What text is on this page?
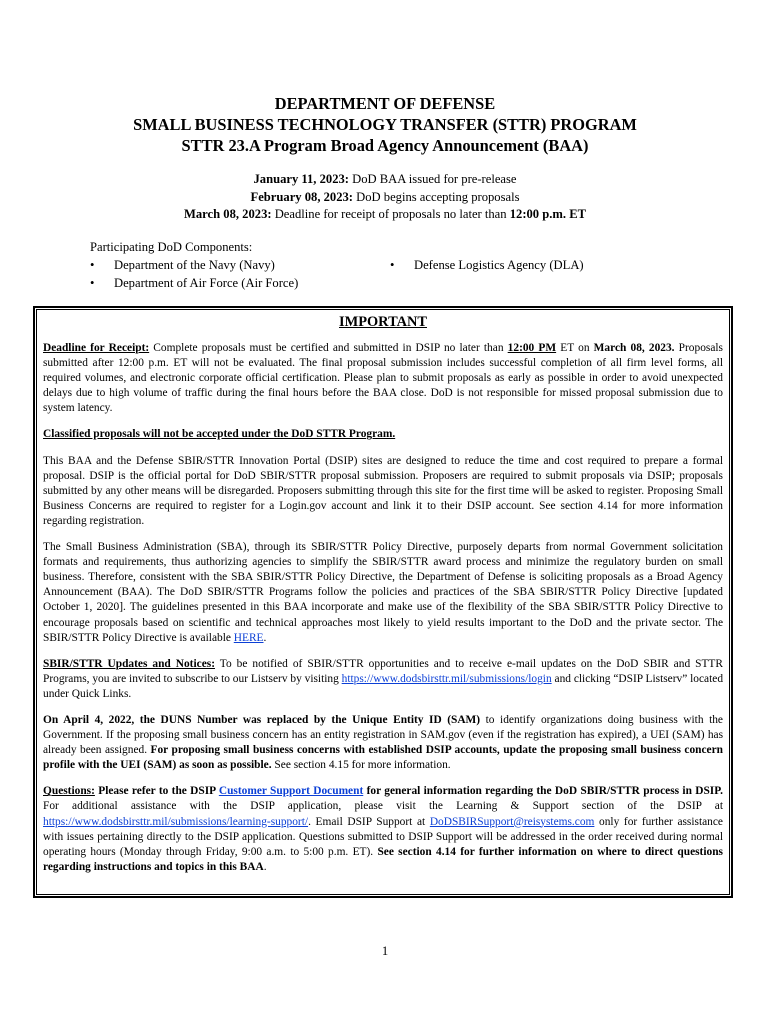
DEPARTMENT OF DEFENSE
SMALL BUSINESS TECHNOLOGY TRANSFER (STTR) PROGRAM
STTR 23.A Program Broad Agency Announcement (BAA)
January 11, 2023: DoD BAA issued for pre-release
February 08, 2023: DoD begins accepting proposals
March 08, 2023: Deadline for receipt of proposals no later than 12:00 p.m. ET
Participating DoD Components:
• Department of the Navy (Navy)
• Department of Air Force (Air Force)
• Defense Logistics Agency (DLA)
IMPORTANT

Deadline for Receipt: Complete proposals must be certified and submitted in DSIP no later than 12:00 PM ET on March 08, 2023. Proposals submitted after 12:00 p.m. ET will not be evaluated. The final proposal submission includes successful completion of all firm level forms, all required volumes, and electronic corporate official certification. Please plan to submit proposals as early as possible in order to avoid unexpected delays due to high volume of traffic during the final hours before the BAA close. DoD is not responsible for missed proposal submission due to system latency.

Classified proposals will not be accepted under the DoD STTR Program.

This BAA and the Defense SBIR/STTR Innovation Portal (DSIP) sites are designed to reduce the time and cost required to prepare a formal proposal. DSIP is the official portal for DoD SBIR/STTR proposal submission. Proposers are required to submit proposals via DSIP; proposals submitted by any other means will be disregarded. Proposers submitting through this site for the first time will be asked to register. Proposing Small Business Concerns are required to register for a Login.gov account and link it to their DSIP account. See section 4.14 for more information regarding registration.

The Small Business Administration (SBA), through its SBIR/STTR Policy Directive, purposely departs from normal Government solicitation formats and requirements, thus authorizing agencies to simplify the SBIR/STTR award process and minimize the regulatory burden on small business. Therefore, consistent with the SBA SBIR/STTR Policy Directive, the Department of Defense is soliciting proposals as a Broad Agency Announcement (BAA). The DoD SBIR/STTR Programs follow the policies and practices of the SBA SBIR/STTR Policy Directive [updated October 1, 2020]. The guidelines presented in this BAA incorporate and make use of the flexibility of the SBA SBIR/STTR Policy Directive to encourage proposals based on scientific and technical approaches most likely to yield results important to the DoD and the private sector. The SBIR/STTR Policy Directive is available HERE.

SBIR/STTR Updates and Notices: To be notified of SBIR/STTR opportunities and to receive e-mail updates on the DoD SBIR and STTR Programs, you are invited to subscribe to our Listserv by visiting https://www.dodsbirsttr.mil/submissions/login and clicking “DSIP Listserv” located under Quick Links.

On April 4, 2022, the DUNS Number was replaced by the Unique Entity ID (SAM) to identify organizations doing business with the Government. If the proposing small business concern has an entity registration in SAM.gov (even if the registration has expired), a UEI (SAM) has already been assigned. For proposing small business concerns with established DSIP accounts, update the proposing small business concern profile with the UEI (SAM) as soon as possible. See section 4.15 for more information.

Questions: Please refer to the DSIP Customer Support Document for general information regarding the DoD SBIR/STTR process in DSIP. For additional assistance with the DSIP application, please visit the Learning & Support section of the DSIP at https://www.dodsbirsttr.mil/submissions/learning-support/. Email DSIP Support at DoDSBIRSupport@reisystems.com only for further assistance with issues pertaining directly to the DSIP application. Questions submitted to DSIP Support will be addressed in the order received during normal operating hours (Monday through Friday, 9:00 a.m. to 5:00 p.m. ET). See section 4.14 for further information on where to direct questions regarding instructions and topics in this BAA.

1
